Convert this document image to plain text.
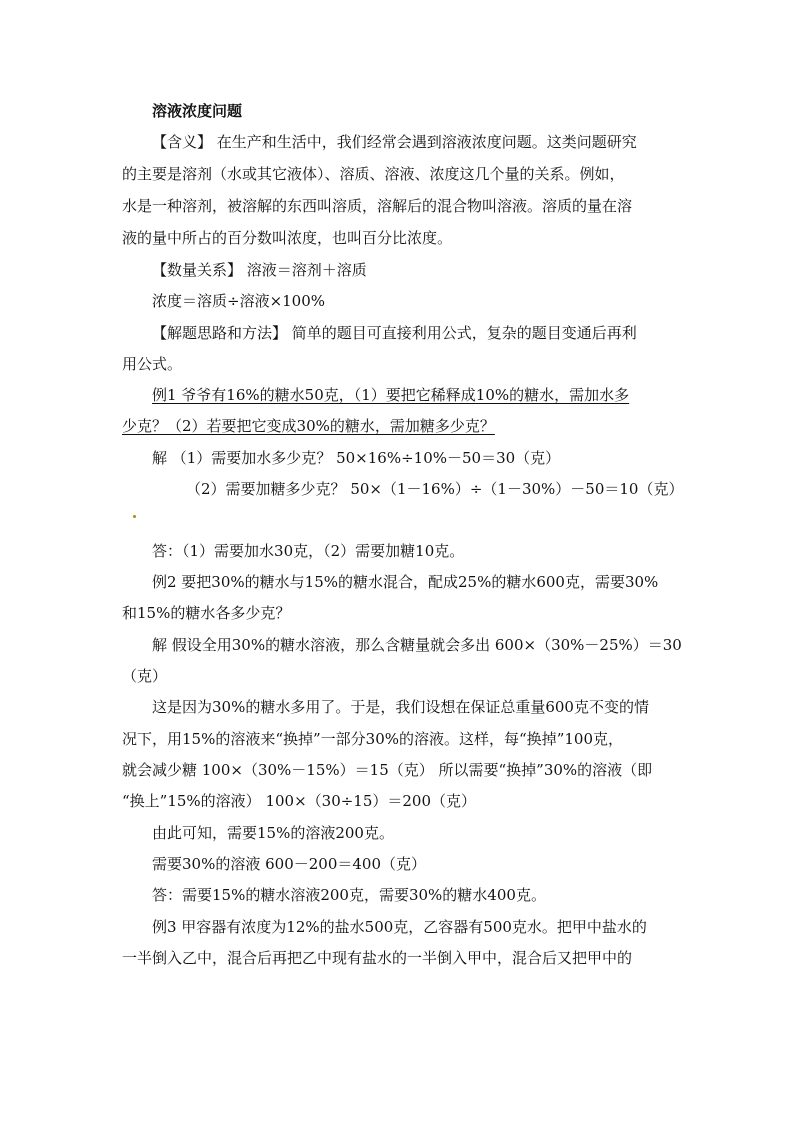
溶液浓度问题
【含义】 在生产和生活中，我们经常会遇到溶液浓度问题。这类问题研究
的主要是溶剂（水或其它液体）、溶质、溶液、浓度这几个量的关系。例如，
水是一种溶剂，被溶解的东西叫溶质，溶解后的混合物叫溶液。溶质的量在溶
液的量中所占的百分数叫浓度，也叫百分比浓度。
【数量关系】 溶液＝溶剂＋溶质
浓度＝溶质÷溶液×100%
【解题思路和方法】 简单的题目可直接利用公式，复杂的题目变通后再利
用公式。
例1 爷爷有16%的糖水50克，（1）要把它稀释成10%的糖水，需加水多
少克？（2）若要把它变成30%的糖水，需加糖多少克？
解 （1）需要加水多少克？ 50×16%÷10%－50＝30（克）
（2）需要加糖多少克？ 50×（1－16%）÷（1－30%）－50＝10（克）
答：（1）需要加水30克，（2）需要加糖10克。
例2 要把30%的糖水与15%的糖水混合，配成25%的糖水600克，需要30%
和15%的糖水各多少克？
解 假设全用30%的糖水溶液，那么含糖量就会多出 600×（30%－25%）＝30
（克）
这是因为30%的糖水多用了。于是，我们设想在保证总重量600克不变的情
况下，用15%的溶液来“换掉”一部分30%的溶液。这样，每“换掉”100克，
就会减少糖 100×（30%－15%）＝15（克） 所以需要“换掉”30%的溶液（即
“换上”15%的溶液） 100×（30÷15）＝200（克）
由此可知，需要15%的溶液200克。
需要30%的溶液 600－200＝400（克）
答：需要15%的糖水溶液200克，需要30%的糖水400克。
例3 甲容器有浓度为12%的盐水500克，乙容器有500克水。把甲中盐水的
一半倒入乙中，混合后再把乙中现有盐水的一半倒入甲中，混合后又把甲中的
